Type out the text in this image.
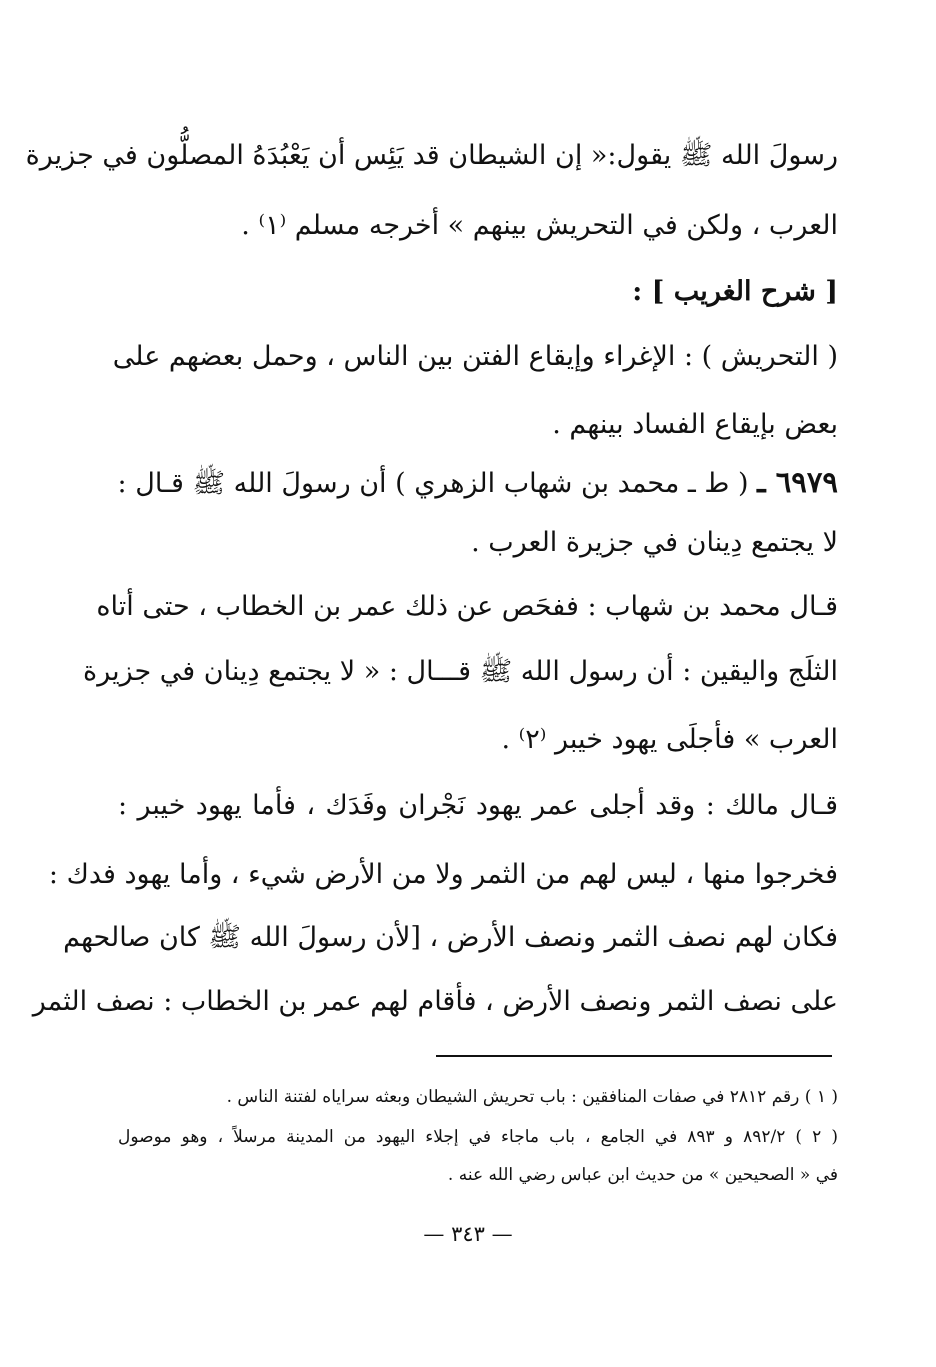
رسولَ الله ﷺ يقول:« إن الشيطان قد يَئِس أن يَعْبُدَهُ المصلُّون في جزيرة
العرب ، ولكن في التحريش بينهم » أخرجه مسلم ⁽١⁾ .
[ شرح الغريب ] :
( التحريش ) : الإغراء وإيقاع الفتن بين الناس ، وحمل بعضهم على
بعض بإيقاع الفساد بينهم .
٦٩٧٩ ـ ( ط ـ محمد بن شهاب الزهري ) أن رسولَ الله ﷺ قـال :
لا يجتمع دِينان في جزيرة العرب .
قـال محمد بن شهاب : ففحَص عن ذلك عمر بن الخطاب ، حتى أتاه
الثلَج واليقين : أن رسول الله ﷺ قـــال : « لا يجتمع دِينان في جزيرة
العرب » فأجلَى يهود خيبر ⁽٢⁾ .
قـال مالك : وقد أجلى عمر يهود نَجْران وفَدَك ، فأما يهود خيبر :
فخرجوا منها ، ليس لهم من الثمر ولا من الأرض شيء ، وأما يهود فدك :
فكان لهم نصف الثمر ونصف الأرض ، [لأن رسولَ الله ﷺ كان صالحهم
على نصف الثمر ونصف الأرض ، فأقام لهم عمر بن الخطاب : نصف الثمر
( ١ ) رقم ٢٨١٢ في صفات المنافقين : باب تحريش الشيطان وبعثه سراياه لفتنة الناس .
( ٢ ) ٨٩٢/٢ و ٨٩٣ في الجامع ، باب ماجاء في إجلاء اليهود من المدينة مرسلاً ، وهو موصول
في « الصحيحين » من حديث ابن عباس رضي الله عنه .
— ٣٤٣ —
